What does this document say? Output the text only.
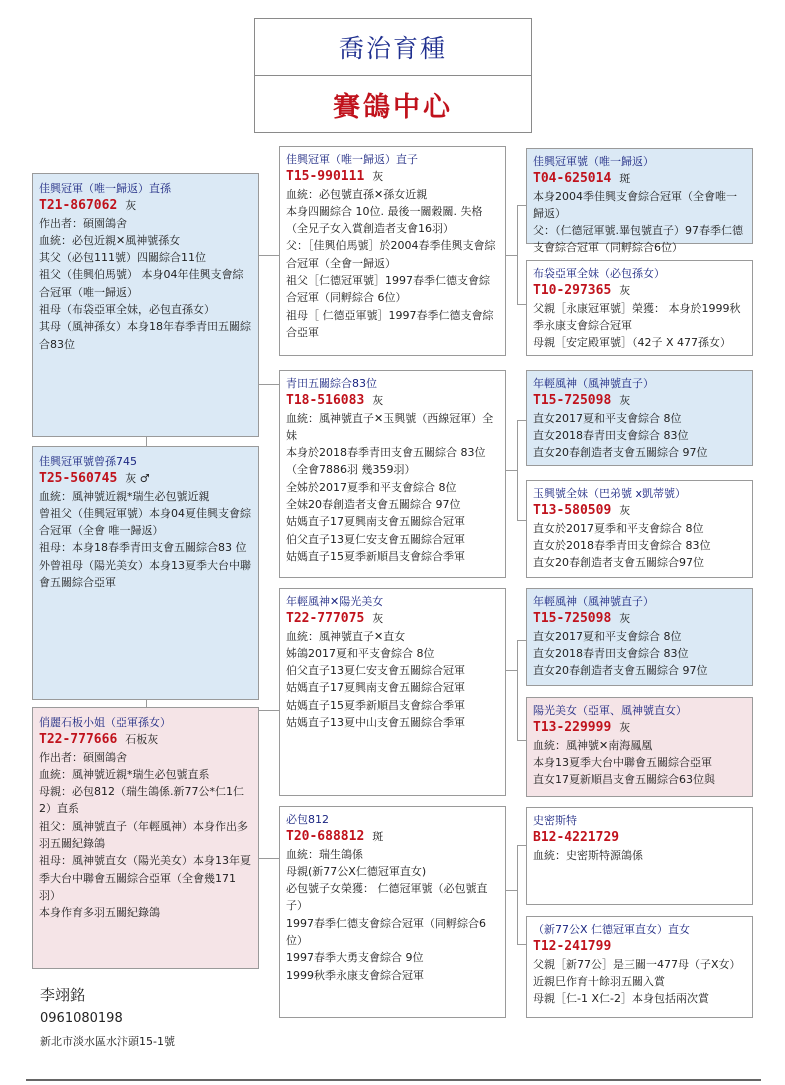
喬治育種
賽鴿中心
佳興冠軍（唯一歸返）直孫
T21-867062 灰
作出者：碩園鴿舍
血統：必包近親✕風神號孫女
其父（必包111號）四關綜合11位
祖父（佳興伯馬號） 本身04年佳興支會綜合冠軍（唯一歸返）
祖母（布袋亞軍全妹，必包直孫女）
其母（風神孫女）本身18年春季青田五關綜合83位
佳興冠軍號曾孫745
T25-560745 灰 ♂
血統：風神號近親*瑞生必包號近親
曾祖父（佳興冠軍號）本身04夏佳興支會綜合冠軍（全會 唯一歸返）
祖母：本身18春季青田支會五關綜合83 位
外曾祖母（陽光美女）本身13夏季大台中聯會五關綜合亞軍
俏麗石板小姐（亞軍孫女）
T22-777666 石板灰
作出者：碩園鴿舍
血統：風神號近親*瑞生必包號直系
母親：必包812（瑞生鴿係.新77公*仁1仁2）直系
祖父：風神號直子（年輕風神）本身作出多羽五關紀錄鴿
祖母：風神號直女（陽光美女）本身13年夏季大台中聯會五關綜合亞軍（全會幾171羽）
本身作育多羽五關紀錄鴿
佳興冠軍（唯一歸返）直子
T15-990111 灰
血統：必包號直孫✕孫女近親
本身四關綜合 10位. 最後一關穀關. 失格（全兄子女入賞創造者支會16羽）
父：［佳興伯馬號］於2004春季佳興支會綜合冠軍（全會一歸返）
祖父［仁德冠軍號］1997春季仁德支會綜合冠軍（同孵綜合 6位）
祖母［ 仁德亞軍號］1997春季仁德支會綜合亞軍
青田五關綜合83位
T18-516083 灰
血統：風神號直子✕玉興號（西線冠軍）全妹
本身於2018春季青田支會五關綜合 83位（全會7886羽 幾359羽）
全姊於2017夏季和平支會綜合 8位
全妹20春創造者支會五關綜合 97位
姑媽直子17夏興南支會五關綜合冠軍
伯父直子13夏仁安支會五關綜合冠軍
姑媽直子15夏季新順昌支會綜合季軍
年輕風神✕陽光美女
T22-777075 灰
血統：風神號直子✕直女
姊鴿2017夏和平支會綜合 8位
伯父直子13夏仁安支會五關綜合冠軍
姑媽直子17夏興南支會五關綜合冠軍
姑媽直子15夏季新順昌支會綜合季軍
姑媽直子13夏中山支會五關綜合季軍
必包812
T20-688812 斑
血統：瑞生鴿係
母親(新77公X仁德冠軍直女)
必包號子女榮獲： 仁德冠軍號（必包號直子）
1997春季仁德支會綜合冠軍（同孵綜合6位）
1997春季大勇支會綜合 9位
1999秋季永康支會綜合冠軍
佳興冠軍號（唯一歸返）
T04-625014 斑
本身2004季佳興支會綜合冠軍（全會唯一歸返）
父：（仁德冠軍號.畢包號直子）97春季仁德支會綜合冠軍（同孵綜合6位）
布袋亞軍全妹（必包孫女）
T10-297365 灰
父親［永康冠軍號］榮獲： 本身於1999秋季永康支會綜合冠軍
母親［安定殿軍號］（42子 X 477孫女）
年輕風神（風神號直子）
T15-725098 灰
直女2017夏和平支會綜合 8位
直女2018春青田支會綜合 83位
直女20春創造者支會五關綜合 97位
玉興號全妹（巴弟號 x凱蒂號）
T13-580509 灰
直女於2017夏季和平支會綜合 8位
直女於2018春季青田支會綜合 83位
直女20春創造者支會五關綜合97位
年輕風神（風神號直子）
T15-725098 灰
直女2017夏和平支會綜合 8位
直女2018春青田支會綜合 83位
直女20春創造者支會五關綜合 97位
陽光美女（亞軍、風神號直女）
T13-229999 灰
血統：風神號✕南海鳳凰
本身13夏季大台中聯會五關綜合亞軍
直女17夏新順昌支會五關綜合63位與
史密斯特
B12-4221729
血統：史密斯特源鴿係
（新77公X 仁德冠軍直女）直女
T12-241799
父親［新77公］是三關一477母（子X女）近親巳作育十餘羽五關入賞
母親［仁-1 X仁-2］本身包括兩次賞
李翊銘
0961080198
新北市淡水區水汴頭15-1號
